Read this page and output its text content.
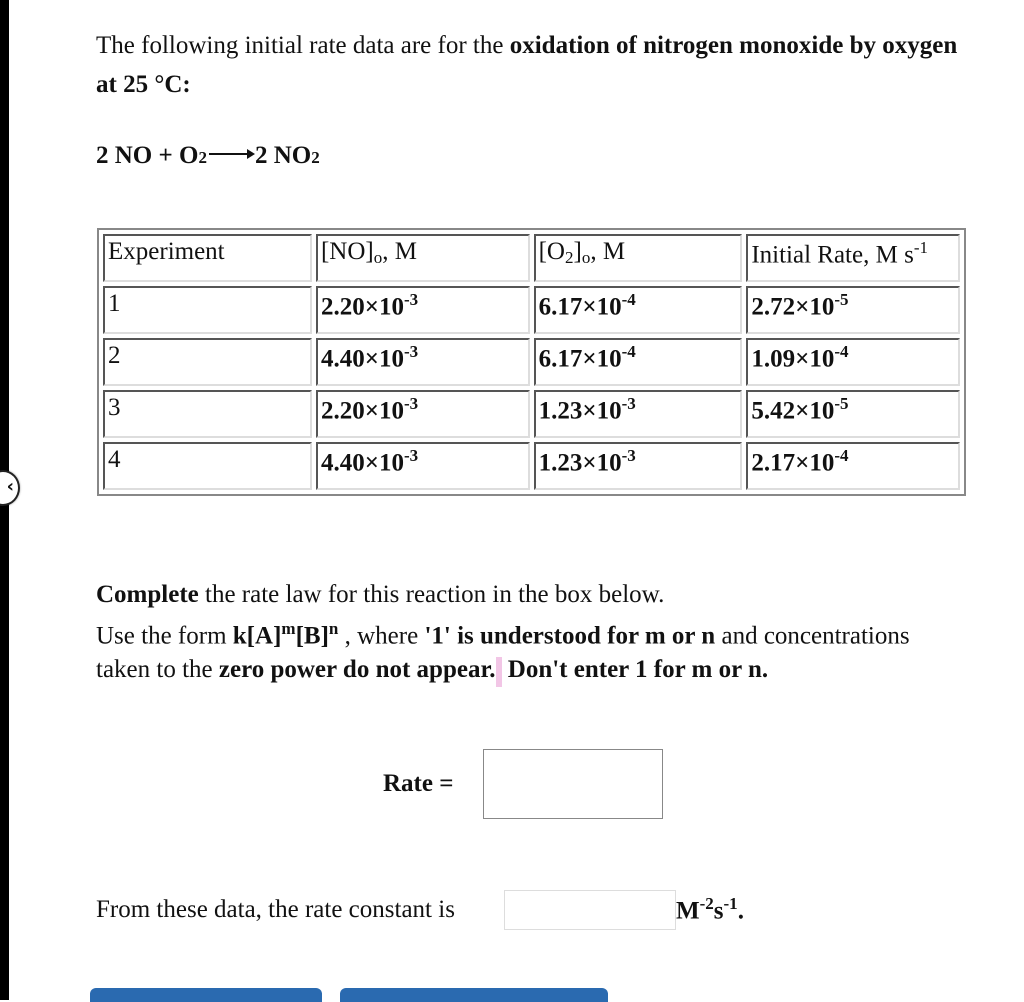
‹

The following initial rate data are for the oxidation of nitrogen monoxide by oxygen at 25 °C:

2 NO + O 2 → 2 NO 2
Experiment	$[NO]_o$, M	$[O_2]_o$, M	Initial Rate, M $s^{-1}$
1	$2.20\times 10^{-3}$	$6.17\times 10^{-4}$	$2.72\times 10^{-5}$
2	$4.40\times 10^{-3}$	$6.17\times 10^{-4}$	$1.09\times 10^{-4}$
3	$2.20\times 10^{-3}$	$1.23\times 10^{-3}$	$5.42\times 10^{-5}$
4	$4.40\times 10^{-3}$	$1.23\times 10^{-3}$	$2.17\times 10^{-4}$
Complete the rate law for this reaction in the box below.
Use the form $k[A]^m[B]^n$ , where '1' is understood for m or n and concentrations taken to the zero power do not appear. Don't enter 1 for m or n.
Rate =
From these data, the rate constant is	$M^{-2}s^{-1}$.
